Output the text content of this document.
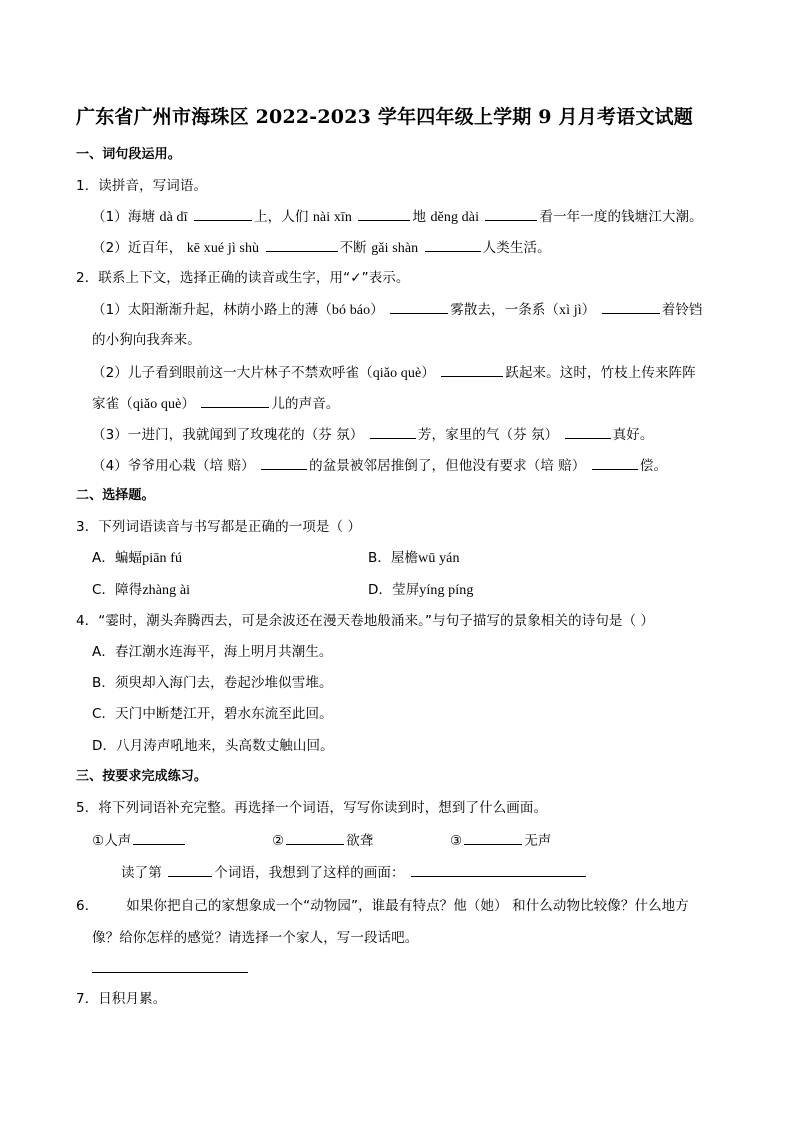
广东省广州市海珠区 2022-2023 学年四年级上学期 9 月月考语文试题
一、词句段运用。
1．读拼音，写词语。
（1）海塘 dà dī	上，人们 nài xīn	地 děng dài	看一年一度的钱塘江大潮。
（2）近百年， kē xué jì shù	不断 gǎi shàn	人类生活。
2．联系上下文，选择正确的读音或生字，用“✓”表示。
（1）太阳渐渐升起，林荫小路上的薄（bó báo）	雾散去，一条系（xì jì）	着铃铛
的小狗向我奔来。
（2）儿子看到眼前这一大片林子不禁欢呼雀（qiǎo què）	跃起来。这时，竹枝上传来阵阵
家雀（qiǎo què）	儿的声音。
（3）一进门，我就闻到了玫瑰花的（芬 氛）	芳，家里的气（芬 氛）	真好。
（4）爷爷用心栽（培 赔）	的盆景被邻居推倒了，但他没有要求（培 赔）	偿。
二、选择题。
3．下列词语读音与书写都是正确的一项是（ ）
A．蝙蝠piān fú	B．屋檐wū yán
C．障得zhàng ài	D．莹屏yíng píng
4．“霎时，潮头奔腾西去，可是余波还在漫天卷地般涌来。”与句子描写的景象相关的诗句是（ ）
A．春江潮水连海平，海上明月共潮生。
B．须臾却入海门去，卷起沙堆似雪堆。
C．天门中断楚江开，碧水东流至此回。
D．八月涛声吼地来，头高数丈触山回。
三、按要求完成练习。
5．将下列词语补充完整。再选择一个词语，写写你读到时，想到了什么画面。
①人声	②	欲聋	③	无声
读了第	个词语，我想到了这样的画面：
6． 如果你把自己的家想象成一个“动物园”，谁最有特点？他（她） 和什么动物比较像？什么地方
像？给你怎样的感觉？请选择一个家人，写一段话吧。
7．日积月累。
